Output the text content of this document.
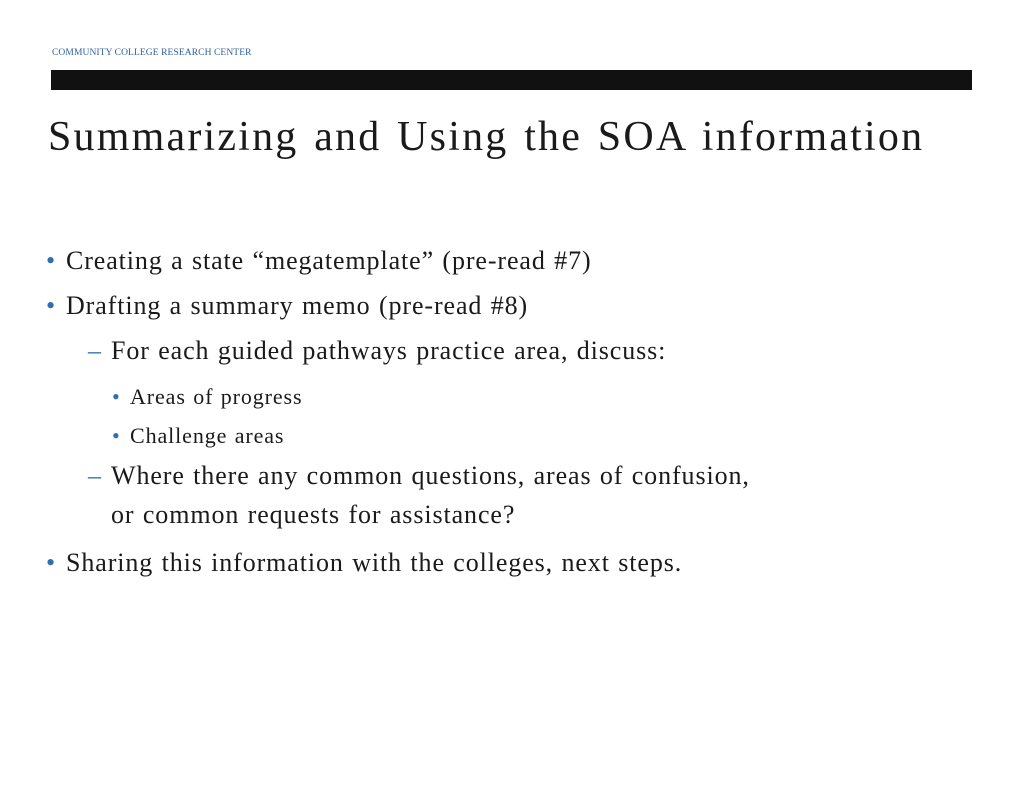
COMMUNITY COLLEGE RESEARCH CENTER
Summarizing and Using the SOA information
• Creating a state “megatemplate” (pre-read #7)
• Drafting a summary memo (pre-read #8)
– For each guided pathways practice area, discuss:
• Areas of progress
• Challenge areas
– Where there any common questions, areas of confusion,
or common requests for assistance?
• Sharing this information with the colleges, next steps.
